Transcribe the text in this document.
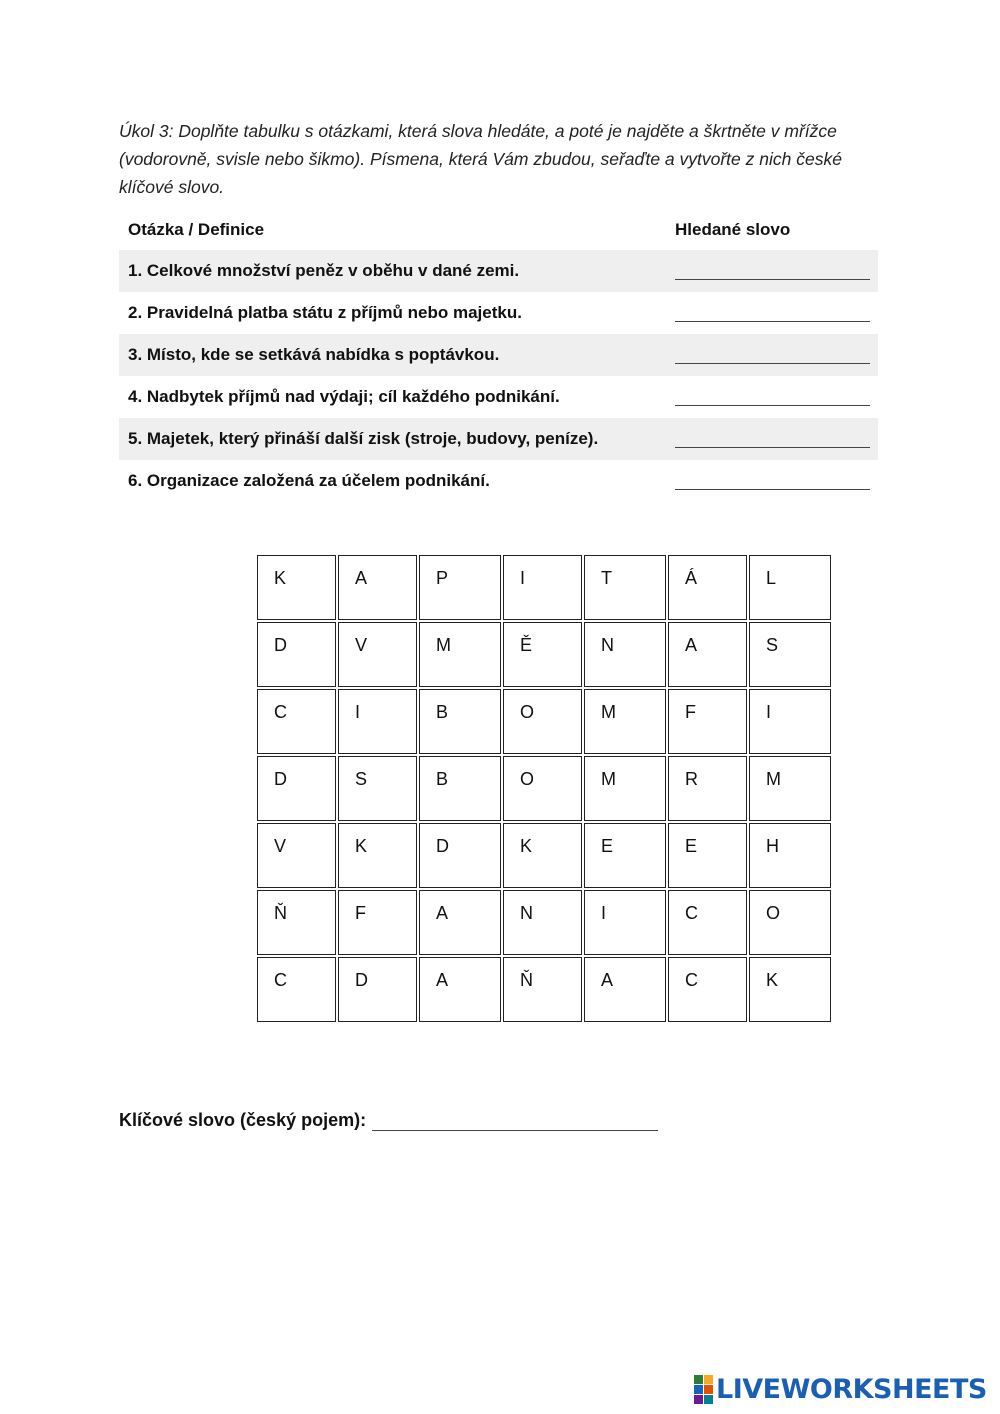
Úkol 3: Doplňte tabulku s otázkami, která slova hledáte, a poté je najděte a škrtněte v mřížce (vodorovně, svisle nebo šikmo). Písmena, která Vám zbudou, seřaďte a vytvořte z nich české klíčové slovo.
Otázka / Definice	Hledané slovo
1. Celkové množství peněz v oběhu v dané zemi.
2. Pravidelná platba státu z příjmů nebo majetku.
3. Místo, kde se setkává nabídka s poptávkou.
4. Nadbytek příjmů nad výdaji; cíl každého podnikání.
5. Majetek, který přináší další zisk (stroje, budovy, peníze).
6. Organizace založená za účelem podnikání.
K	A	P	I	T	Á	L
D	V	M	Ě	N	A	S
C	I	B	O	M	F	I
D	S	B	O	M	R	M
V	K	D	K	E	E	H
Ň	F	A	N	I	C	O
C	D	A	Ň	A	C	K
Klíčové slovo (český pojem):
LIVEWORKSHEETS
